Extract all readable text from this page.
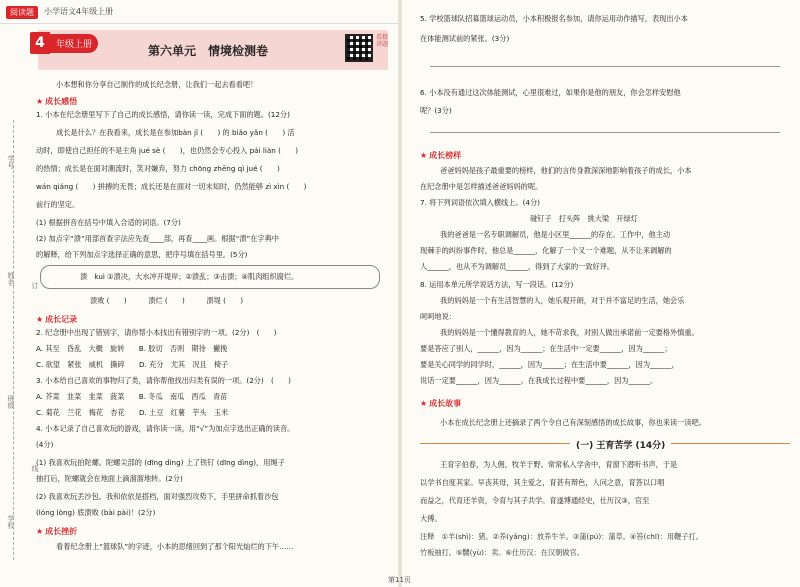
阅读题	小学语文4年级上册
4	年级上册	第六单元　情境检测卷
看精讲题
学号
姓名
班级
学校
线
订
小本想和你分享自己制作的成长纪念册，让我们一起去看看吧！
★ 成长感悟
1. 小本在纪念册里写下了自己的成长感悟，请你读一读，完成下面的题。(12分)
成长是什么？在我看来，成长是在参加bàn jǐ (　　) 的 biǎo yǎn (　　) 活
动时，即使自己担任的不是主角 jué sè (　　)，也仍然会专心投入 pái liàn (　　)
的热情；成长是在面对潮流时，笑对嫌弃，努力 chōng zhēng qì jué (　　)
wán qiáng (　　) 拼搏的无畏；成长还是在面对一切未知时，仍然能够 zì xìn (　　)
前行的坚定。
(1) 根据拼音在括号中填入合适的词语。(7分)
(2) 加点字“溃”用部首查字法应先查____部，再查____画。根据“溃”在字典中
的解释，给下列加点字选择正确的意思，把序号填在括号里。(5分)
溃　kuì ①溃决，大水冲开堤岸；②溃乱；③击溃；④肌肉组织腐烂。
溃败 (　　)　　　溃烂 (　　)　　　溃堤 (　　)
★ 成长记录
2. 纪念册中出现了错别字，请你帮小本找出有错别字的一项。(2分)　(　　)
A. 其至　昏乱　大概　旋转　　B. 胶切　否则　期待　撇挽
C. 欲望　紧张　威机　撕碎　　D. 充分　尤其　况且　椅子
3. 小本给自己喜欢的事物归了类，请你帮他找出归类有误的一项。(2分)　(　　)
A. 芥菜　韭菜　韭菜　菠菜　　B. 冬瓜　南瓜　西瓜　青苗
C. 菊花　兰花　梅花　杏花　　D. 土豆　红薯　芋头　玉米
4. 小本记录了自己喜欢玩的游戏，请你读一读，用“√”为加点字选出正确的读音。
(4分)
(1) 我喜欢玩拍陀螺。陀螺尖部的 (dīng dìng) 上了铁钉 (dīng dìng)，用绳子
抽打后，陀螺就会在地面上滴溜溜地转。(2分)
(2) 我喜欢玩丢沙包。我和依依是搭档，面对强烈攻势下，手里拼命抓着沙包
(lóng lòng) 底溃败 (bài pài)！(2分)
★ 成长挫折
看着纪念册上“篮球队”的字迹，小本的思绪回到了那个阳光灿烂的下午……
5. 学校篮球队招募篮球运动员，小本积极报名参加，请你运用动作描写，表现出小本
在体能测试前的紧张。(3分)
6. 小本没有通过这次体能测试，心里很难过，如果你是他的朋友，你会怎样安慰他
呢？(3分)
★ 成长榜样
爸爸妈妈是孩子最重要的榜样，他们的言传身教深深地影响着孩子的成长，小本
在纪念册中是怎样描述爸爸妈妈的呢。
7. 将下列词语依次填入横线上。(4分)
碰钉子　打头阵　挑大梁　开绿灯
我的爸爸是一名专职调解员，他是小区里______的存在。工作中，他主动
现棘手的纠纷事件时，他总是______，化解了一个又一个难题，从不让来调解的
人______，也从不为调解员______，得到了大家的一致好评。
8. 运用本单元所学说话方法，写一段话。(12分)
我的妈妈是一个有生活智慧的人，她乐观开朗，对于并不富足的生活，她会乐
呵呵地说：
我的妈妈是一个懂得教育的人，她不苛求我，对别人做出承诺前一定要格外慎重。
要是答应了别人，______，因为______；在生活中一定要______，因为______；
要是关心同学的同学时，______，因为______；在生活中要______，因为______，
说话一定要______，因为______。在我成长过程中要______，因为______。
★ 成长故事
小本在成长纪念册上还摘录了两个令自己有深刻感悟的成长故事，你也来读一读吧。
(一) 王育苦学 (14分)
王育字伯春，为人佣，牧羊于野。常常私入学舍中，育窗下潜听书声，于是
以学书自度其家。早丧其母，其主爱之，育甚有辩色，人问之意，育答以口唱
而益之，代育还羊资，令育与其子共学。育遂博通经史，仕历汉③，官至
大傅。
注释　①羊(shì)：猪。②养(yǎng)：放养牛羊。③蒲(pú)：蒲草。④笞(chī)：用鞭子打。
竹板抽打。⑤嬲(yù)：卖。⑥仕历汉：在汉朝做官。
第11页
